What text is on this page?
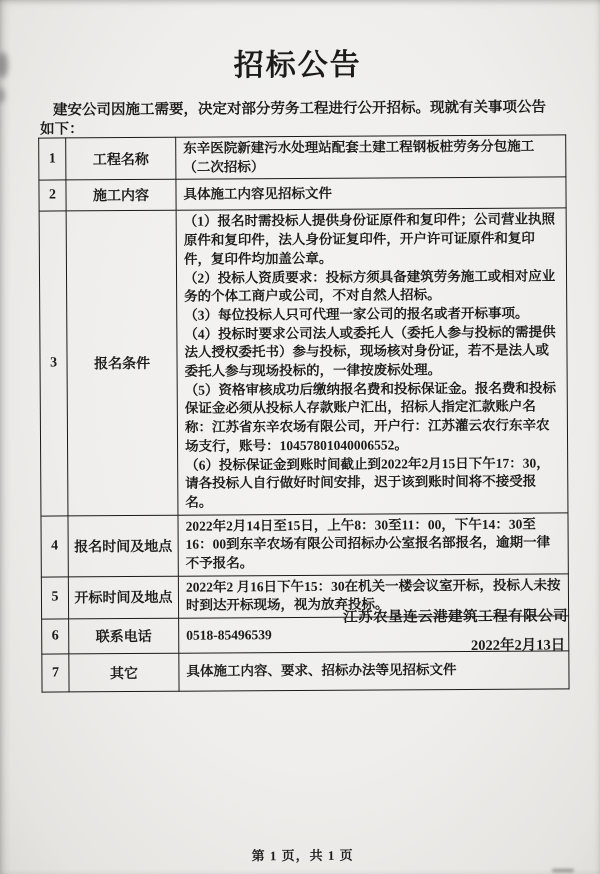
招标公告
建安公司因施工需要，决定对部分劳务工程进行公开招标。现就有关事项公告如下：
1	工程名称	东辛医院新建污水处理站配套土建工程钢板桩劳务分包施工（二次招标）
2	施工内容	具体施工内容见招标文件
3	报名条件	（1）报名时需投标人提供身份证原件和复印件；公司营业执照原件和复印件，法人身份证复印件，开户许可证原件和复印件，复印件均加盖公章。
（2）投标人资质要求：投标方须具备建筑劳务施工或相对应业务的个体工商户或公司，不对自然人招标。
（3）每位投标人只可代理一家公司的报名或者开标事项。
（4）投标时要求公司法人或委托人（委托人参与投标的需提供法人授权委托书）参与投标，现场核对身份证，若不是法人或委托人参与现场投标的，一律按废标处理。
（5）资格审核成功后缴纳报名费和投标保证金。报名费和投标保证金必须从投标人存款账户汇出，招标人指定汇款账户名称：江苏省东辛农场有限公司，开户行：江苏灌云农行东辛农场支行，账号：10457801040006552。
（6）投标保证金到账时间截止到2022年2月15日下午17：30，请各投标人自行做好时间安排，迟于该到账时间将不接受报名。
4	报名时间及地点	2022年2月14日至15日，上午8：30至11：00，下午14：30至16：00到东辛农场有限公司招标办公室报名部报名，逾期一律不予报名。
5	开标时间及地点	2022年2 月16日下午15：30在机关一楼会议室开标，投标人未按时到达开标现场，视为放弃投标。
6	联系电话	0518-85496539
7	其它	具体施工内容、要求、招标办法等见招标文件
江苏农垦连云港建筑工程有限公司
2022年2月13日
第 1 页，共 1 页
